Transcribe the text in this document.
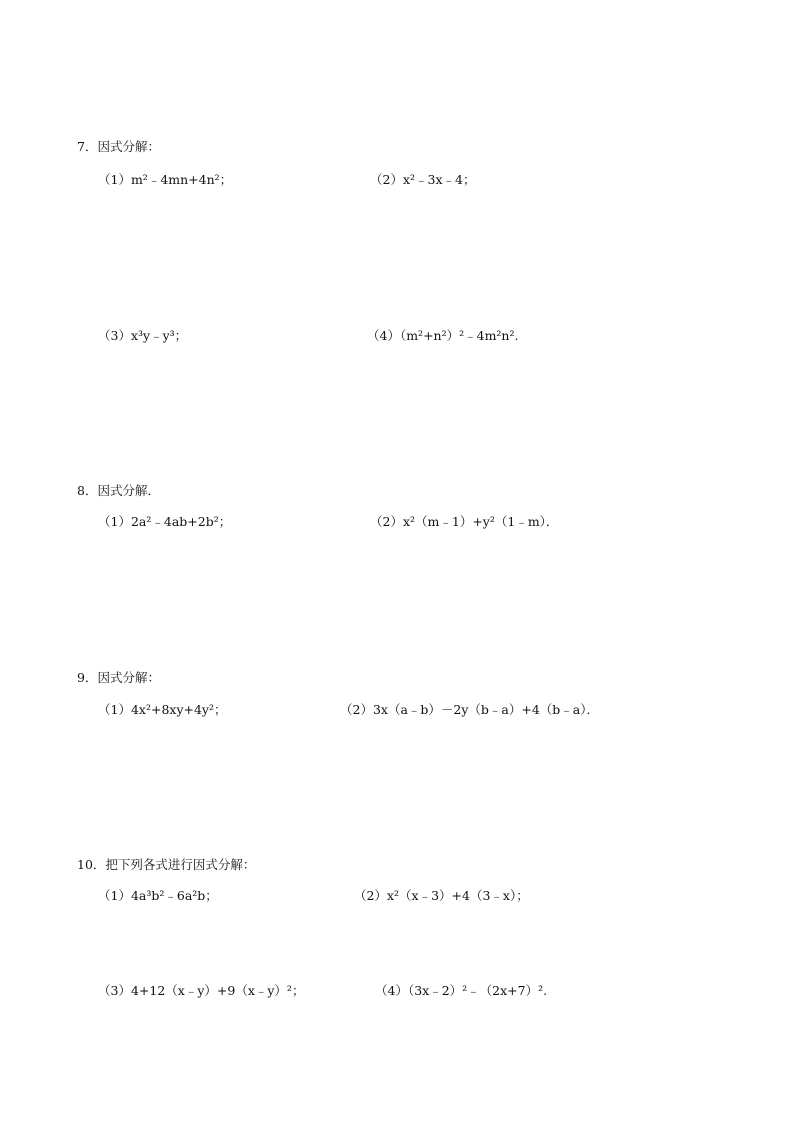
7．因式分解：
（1）m²﹣4mn+4n²；	（2）x²﹣3x﹣4；
（3）x³y﹣y³；	（4）（m²+n²）²﹣4m²n².
8．因式分解．
（1）2a²﹣4ab+2b²；	（2）x²（m﹣1）+y²（1﹣m）．
9．因式分解：
（1）4x²+8xy+4y²；	（2）3x（a﹣b）－2y（b﹣a）+4（b﹣a）．
10．把下列各式进行因式分解：
（1）4a³b²﹣6a²b；	（2）x²（x﹣3）+4（3﹣x）；
（3）4+12（x﹣y）+9（x﹣y）²；	（4）（3x﹣2）²﹣（2x+7）².
